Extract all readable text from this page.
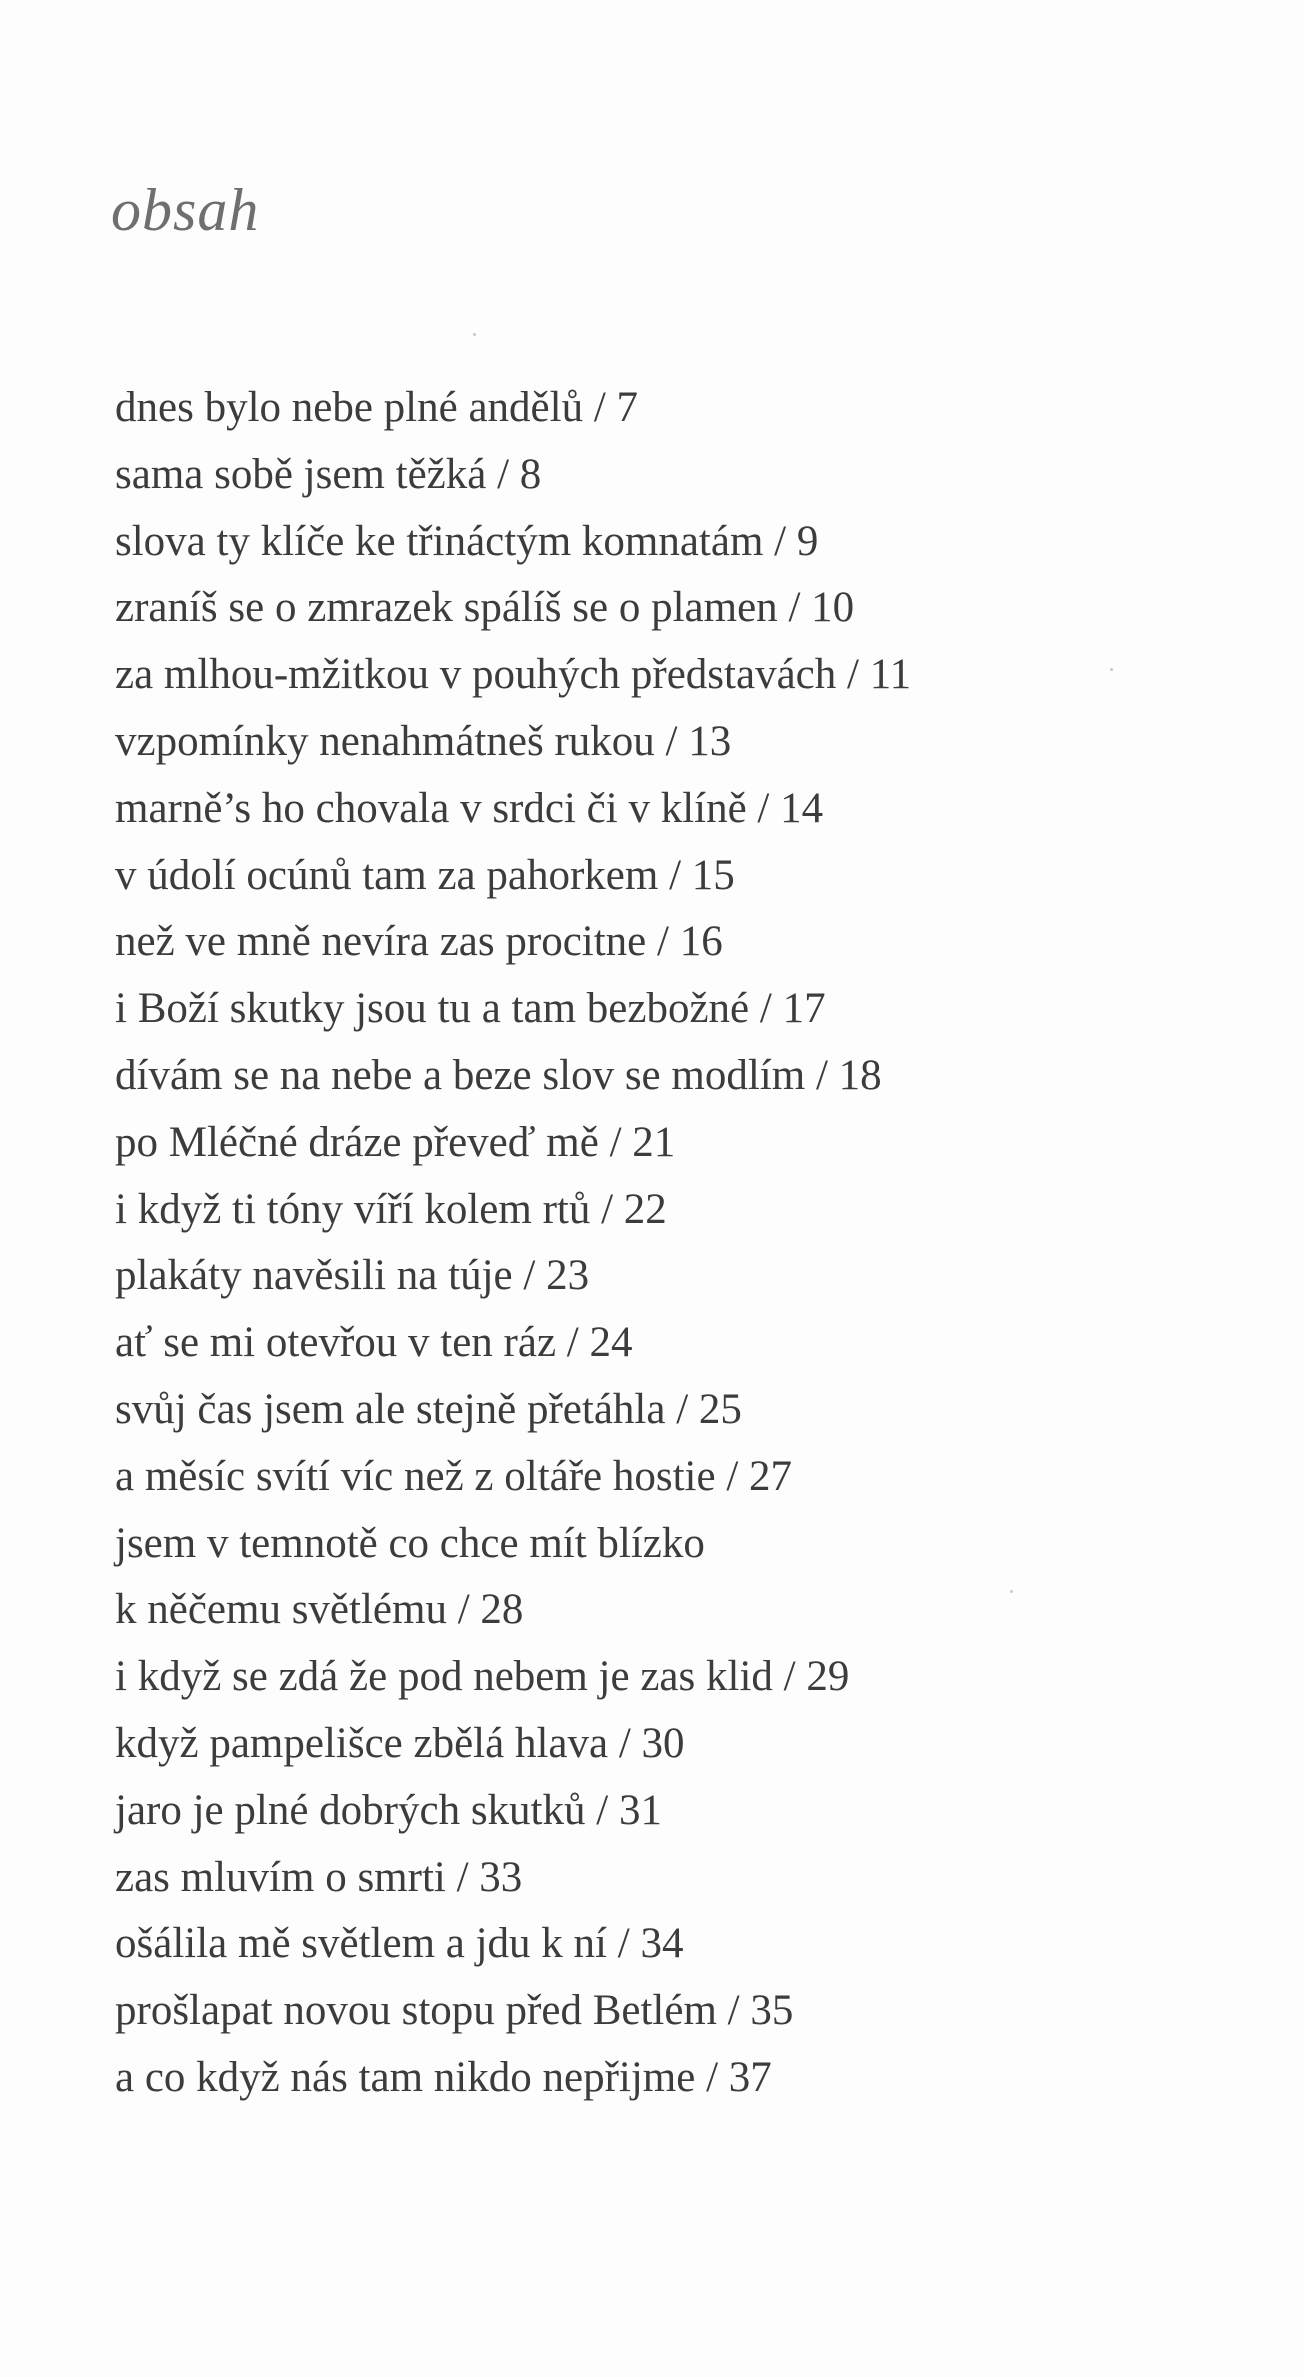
obsah
dnes bylo nebe plné andělů / 7
sama sobě jsem těžká / 8
slova ty klíče ke třináctým komnatám / 9
zraníš se o zmrazek spálíš se o plamen / 10
za mlhou-mžitkou v pouhých představách / 11
vzpomínky nenahmátneš rukou / 13
marně’s ho chovala v srdci či v klíně / 14
v údolí ocúnů tam za pahorkem / 15
než ve mně nevíra zas procitne / 16
i Boží skutky jsou tu a tam bezbožné / 17
dívám se na nebe a beze slov se modlím / 18
po Mléčné dráze převeď mě / 21
i když ti tóny víří kolem rtů / 22
plakáty navěsili na túje / 23
ať se mi otevřou v ten ráz / 24
svůj čas jsem ale stejně přetáhla / 25
a měsíc svítí víc než z oltáře hostie / 27
jsem v temnotě co chce mít blízko
k něčemu světlému / 28
i když se zdá že pod nebem je zas klid / 29
když pampelišce zbělá hlava / 30
jaro je plné dobrých skutků / 31
zas mluvím o smrti / 33
ošálila mě světlem a jdu k ní / 34
prošlapat novou stopu před Betlém / 35
a co když nás tam nikdo nepřijme / 37
